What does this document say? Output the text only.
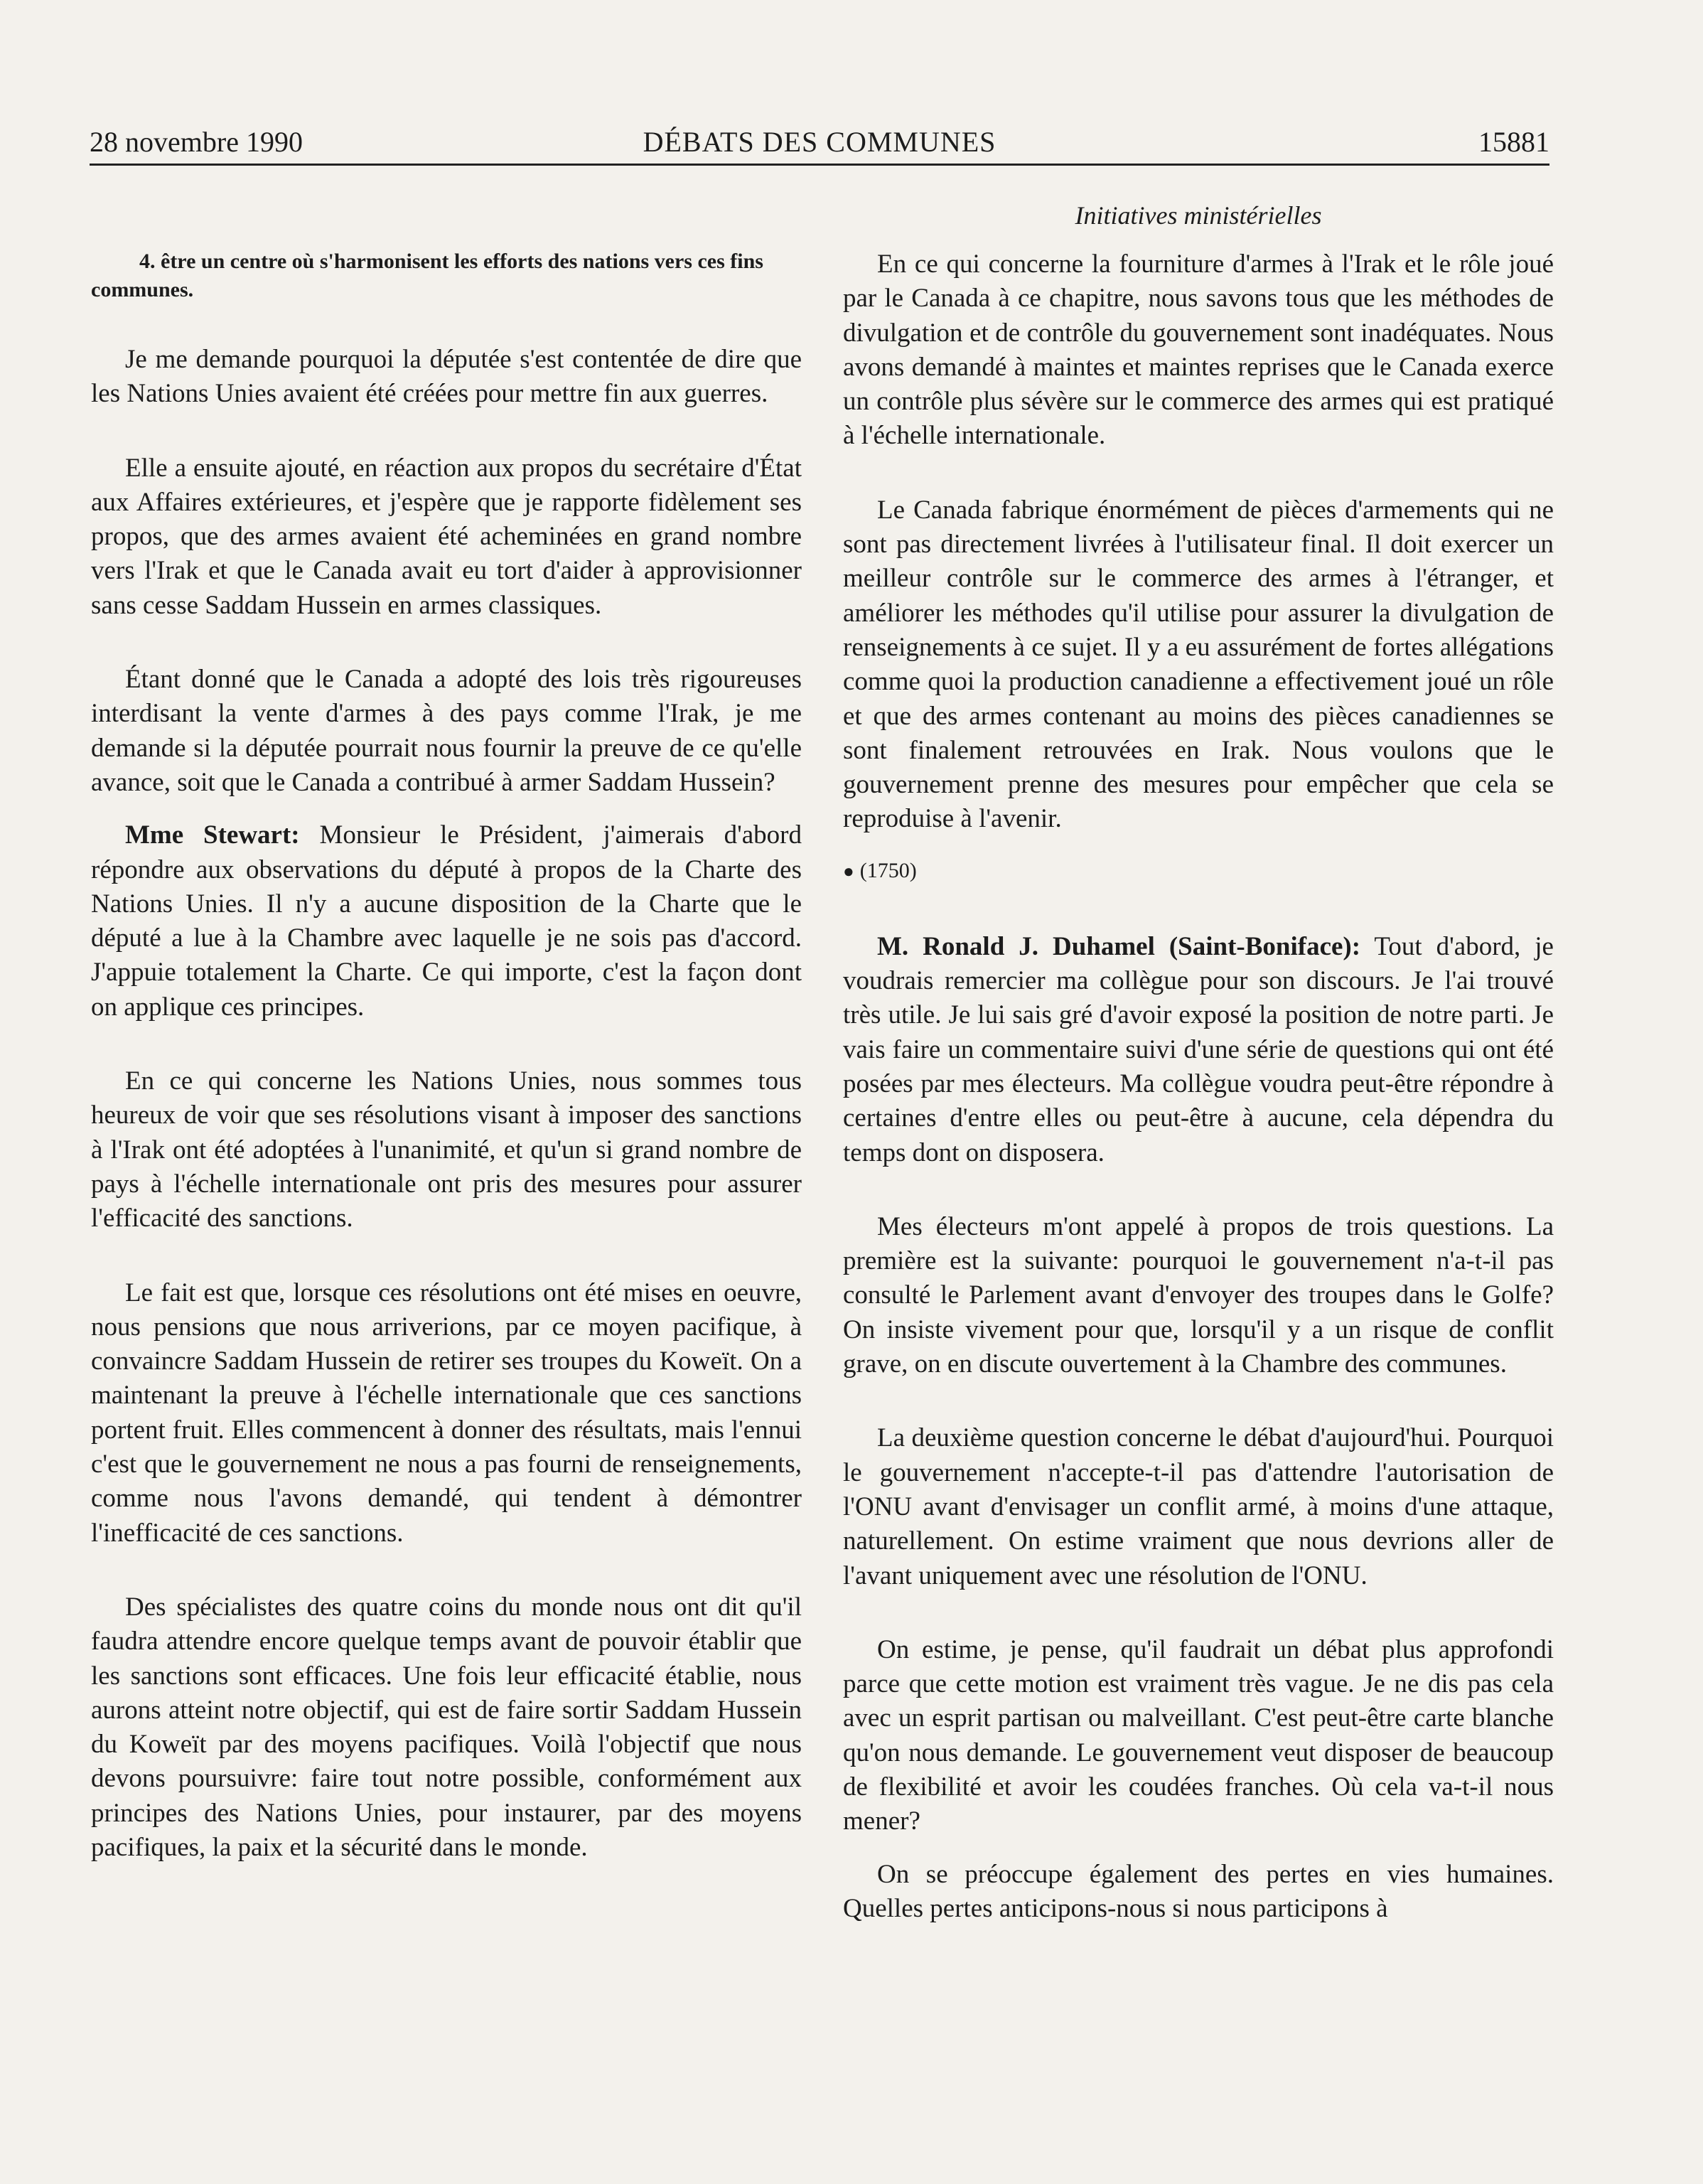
28 novembre 1990	DÉBATS DES COMMUNES	15881
Initiatives ministérielles

4. être un centre où s'harmonisent les efforts des nations vers ces fins communes.

Je me demande pourquoi la députée s'est contentée de dire que les Nations Unies avaient été créées pour mettre fin aux guerres.

Elle a ensuite ajouté, en réaction aux propos du secrétaire d'État aux Affaires extérieures, et j'espère que je rapporte fidèlement ses propos, que des armes avaient été acheminées en grand nombre vers l'Irak et que le Canada avait eu tort d'aider à approvisionner sans cesse Saddam Hussein en armes classiques.

Étant donné que le Canada a adopté des lois très rigoureuses interdisant la vente d'armes à des pays comme l'Irak, je me demande si la députée pourrait nous fournir la preuve de ce qu'elle avance, soit que le Canada a contribué à armer Saddam Hussein?

Mme Stewart: Monsieur le Président, j'aimerais d'abord répondre aux observations du député à propos de la Charte des Nations Unies. Il n'y a aucune disposition de la Charte que le député a lue à la Chambre avec laquelle je ne sois pas d'accord. J'appuie totalement la Charte. Ce qui importe, c'est la façon dont on applique ces principes.

En ce qui concerne les Nations Unies, nous sommes tous heureux de voir que ses résolutions visant à imposer des sanctions à l'Irak ont été adoptées à l'unanimité, et qu'un si grand nombre de pays à l'échelle internationale ont pris des mesures pour assurer l'efficacité des sanctions.

Le fait est que, lorsque ces résolutions ont été mises en oeuvre, nous pensions que nous arriverions, par ce moyen pacifique, à convaincre Saddam Hussein de retirer ses troupes du Koweït. On a maintenant la preuve à l'échelle internationale que ces sanctions portent fruit. Elles commencent à donner des résultats, mais l'ennui c'est que le gouvernement ne nous a pas fourni de renseignements, comme nous l'avons demandé, qui tendent à démontrer l'inefficacité de ces sanctions.

Des spécialistes des quatre coins du monde nous ont dit qu'il faudra attendre encore quelque temps avant de pouvoir établir que les sanctions sont efficaces. Une fois leur efficacité établie, nous aurons atteint notre objectif, qui est de faire sortir Saddam Hussein du Koweït par des moyens pacifiques. Voilà l'objectif que nous devons poursuivre: faire tout notre possible, conformément aux principes des Nations Unies, pour instaurer, par des moyens pacifiques, la paix et la sécurité dans le monde.

En ce qui concerne la fourniture d'armes à l'Irak et le rôle joué par le Canada à ce chapitre, nous savons tous que les méthodes de divulgation et de contrôle du gouvernement sont inadéquates. Nous avons demandé à maintes et maintes reprises que le Canada exerce un contrôle plus sévère sur le commerce des armes qui est pratiqué à l'échelle internationale.

Le Canada fabrique énormément de pièces d'armements qui ne sont pas directement livrées à l'utilisateur final. Il doit exercer un meilleur contrôle sur le commerce des armes à l'étranger, et améliorer les méthodes qu'il utilise pour assurer la divulgation de renseignements à ce sujet. Il y a eu assurément de fortes allégations comme quoi la production canadienne a effectivement joué un rôle et que des armes contenant au moins des pièces canadiennes se sont finalement retrouvées en Irak. Nous voulons que le gouvernement prenne des mesures pour empêcher que cela se reproduise à l'avenir.

● (1750)

M. Ronald J. Duhamel (Saint-Boniface): Tout d'abord, je voudrais remercier ma collègue pour son discours. Je l'ai trouvé très utile. Je lui sais gré d'avoir exposé la position de notre parti. Je vais faire un commentaire suivi d'une série de questions qui ont été posées par mes électeurs. Ma collègue voudra peut-être répondre à certaines d'entre elles ou peut-être à aucune, cela dépendra du temps dont on disposera.

Mes électeurs m'ont appelé à propos de trois questions. La première est la suivante: pourquoi le gouvernement n'a-t-il pas consulté le Parlement avant d'envoyer des troupes dans le Golfe? On insiste vivement pour que, lorsqu'il y a un risque de conflit grave, on en discute ouvertement à la Chambre des communes.

La deuxième question concerne le débat d'aujourd'hui. Pourquoi le gouvernement n'accepte-t-il pas d'attendre l'autorisation de l'ONU avant d'envisager un conflit armé, à moins d'une attaque, naturellement. On estime vraiment que nous devrions aller de l'avant uniquement avec une résolution de l'ONU.

On estime, je pense, qu'il faudrait un débat plus approfondi parce que cette motion est vraiment très vague. Je ne dis pas cela avec un esprit partisan ou malveillant. C'est peut-être carte blanche qu'on nous demande. Le gouvernement veut disposer de beaucoup de flexibilité et avoir les coudées franches. Où cela va-t-il nous mener?

On se préoccupe également des pertes en vies humaines. Quelles pertes anticipons-nous si nous participons à
